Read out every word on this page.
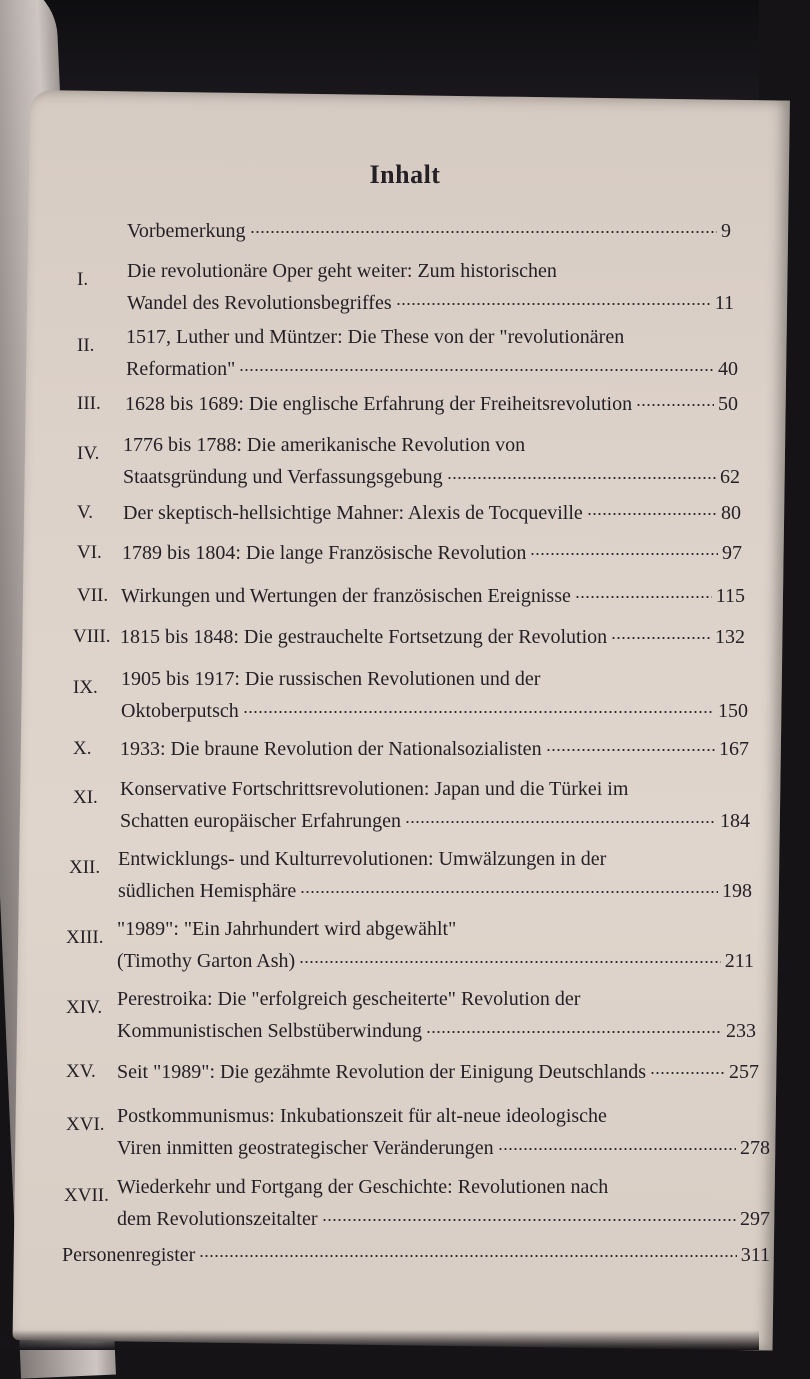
Inhalt
Vorbemerkung	9
I. Die revolutionäre Oper geht weiter: Zum historischen
Wandel des Revolutionsbegriffes	11
II. 1517, Luther und Müntzer: Die These von der "revolutionären
Reformation"	40
III. 1628 bis 1689: Die englische Erfahrung der Freiheitsrevolution	50
IV. 1776 bis 1788: Die amerikanische Revolution von
Staatsgründung und Verfassungsgebung	62
V. Der skeptisch-hellsichtige Mahner: Alexis de Tocqueville	80
VI. 1789 bis 1804: Die lange Französische Revolution	97
VII. Wirkungen und Wertungen der französischen Ereignisse	115
VIII. 1815 bis 1848: Die gestrauchelte Fortsetzung der Revolution	132
IX. 1905 bis 1917: Die russischen Revolutionen und der
Oktoberputsch	150
X. 1933: Die braune Revolution der Nationalsozialisten	167
XI. Konservative Fortschrittsrevolutionen: Japan und die Türkei im
Schatten europäischer Erfahrungen	184
XII. Entwicklungs- und Kulturrevolutionen: Umwälzungen in der
südlichen Hemisphäre	198
XIII. "1989": "Ein Jahrhundert wird abgewählt"
(Timothy Garton Ash)	211
XIV. Perestroika: Die "erfolgreich gescheiterte" Revolution der
Kommunistischen Selbstüberwindung	233
XV. Seit "1989": Die gezähmte Revolution der Einigung Deutschlands	257
XVI. Postkommunismus: Inkubationszeit für alt-neue ideologische
Viren inmitten geostrategischer Veränderungen	278
XVII. Wiederkehr und Fortgang der Geschichte: Revolutionen nach
dem Revolutionszeitalter	297
Personenregister	311
